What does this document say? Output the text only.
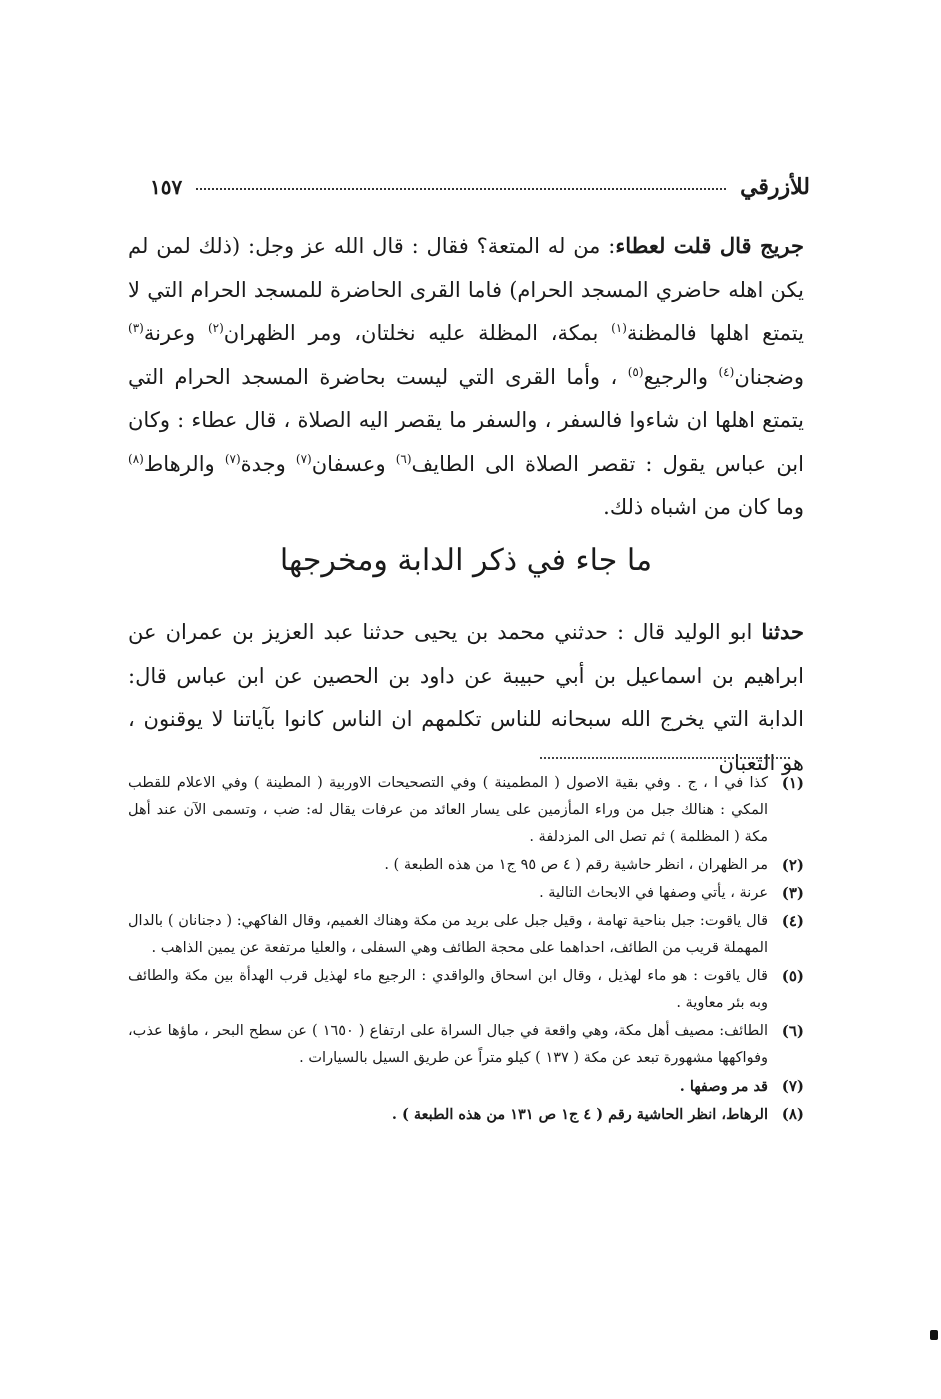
للأزرقي
١٥٧

جريج قال قلت لعطاء: من له المتعة؟ فقال : قال الله عز وجل: (ذلك لمن لم يكن اهله حاضري المسجد الحرام) فاما القرى الحاضرة للمسجد الحرام التي لا يتمتع اهلها فالمظنة$^{(١)}$ بمكة، المظلة عليه نخلتان، ومر الظهران$^{(٢)}$ وعرنة$^{(٣)}$ وضجنان$^{(٤)}$ والرجيع$^{(٥)}$ ، وأما القرى التي ليست بحاضرة المسجد الحرام التي يتمتع اهلها ان شاءوا فالسفر ، والسفر ما يقصر اليه الصلاة ، قال عطاء : وكان ابن عباس يقول : تقصر الصلاة الى الطايف$^{(٦)}$ وعسفان$^{(٧)}$ وجدة$^{(٧)}$ والرهاط$^{(٨)}$ وما كان من اشباه ذلك.

ما جاء في ذكر الدابة ومخرجها

حدثنا ابو الوليد قال : حدثني محمد بن يحيى حدثنا عبد العزيز بن عمران عن ابراهيم بن اسماعيل بن أبي حبيبة عن داود بن الحصين عن ابن عباس قال: الدابة التي يخرج الله سبحانه للناس تكلمهم ان الناس كانوا بآياتنا لا يوقنون ، هو الثعبان

(١)
كذا في ا ، ج . وفي بقية الاصول ( المطمينة ) وفي التصحيحات الاوربية ( المطينة ) وفي الاعلام للقطب المكي : هنالك جبل من وراء المأزمين على يسار العائد من عرفات يقال له: ضب ، وتسمى الآن عند أهل مكة ( المظلمة ) ثم تصل الى المزدلفة .
(٢)
مر الظهران ، انظر حاشية رقم ( ٤ ص ٩٥ ج١ من هذه الطبعة ) .
(٣)
عرنة ، يأتي وصفها في الابحاث التالية .
(٤)
قال ياقوت: جبل بناحية تهامة ، وقيل جبل على بريد من مكة وهناك الغميم، وقال الفاكهي: ( دجنانان ) بالدال المهملة قريب من الطائف، احداهما على محجة الطائف وهي السفلى ، والعليا مرتفعة عن يمين الذاهب .
(٥)
قال ياقوت : هو ماء لهذيل ، وقال ابن اسحاق والواقدي : الرجيع ماء لهذيل قرب الهدأة بين مكة والطائف وبه بئر معاوية .
(٦)
الطائف: مصيف أهل مكة، وهي واقعة في جبال السراة على ارتفاع ( ١٦٥٠ ) عن سطح البحر ، ماؤها عذب، وفواكهها مشهورة تبعد عن مكة ( ١٣٧ ) كيلو متراً عن طريق السيل بالسيارات .
(٧)
قد مر وصفها .
(٨)
الرهاط، انظر الحاشية رقم ( ٤ ج١ ص ١٣١ من هذه الطبعة ) .
